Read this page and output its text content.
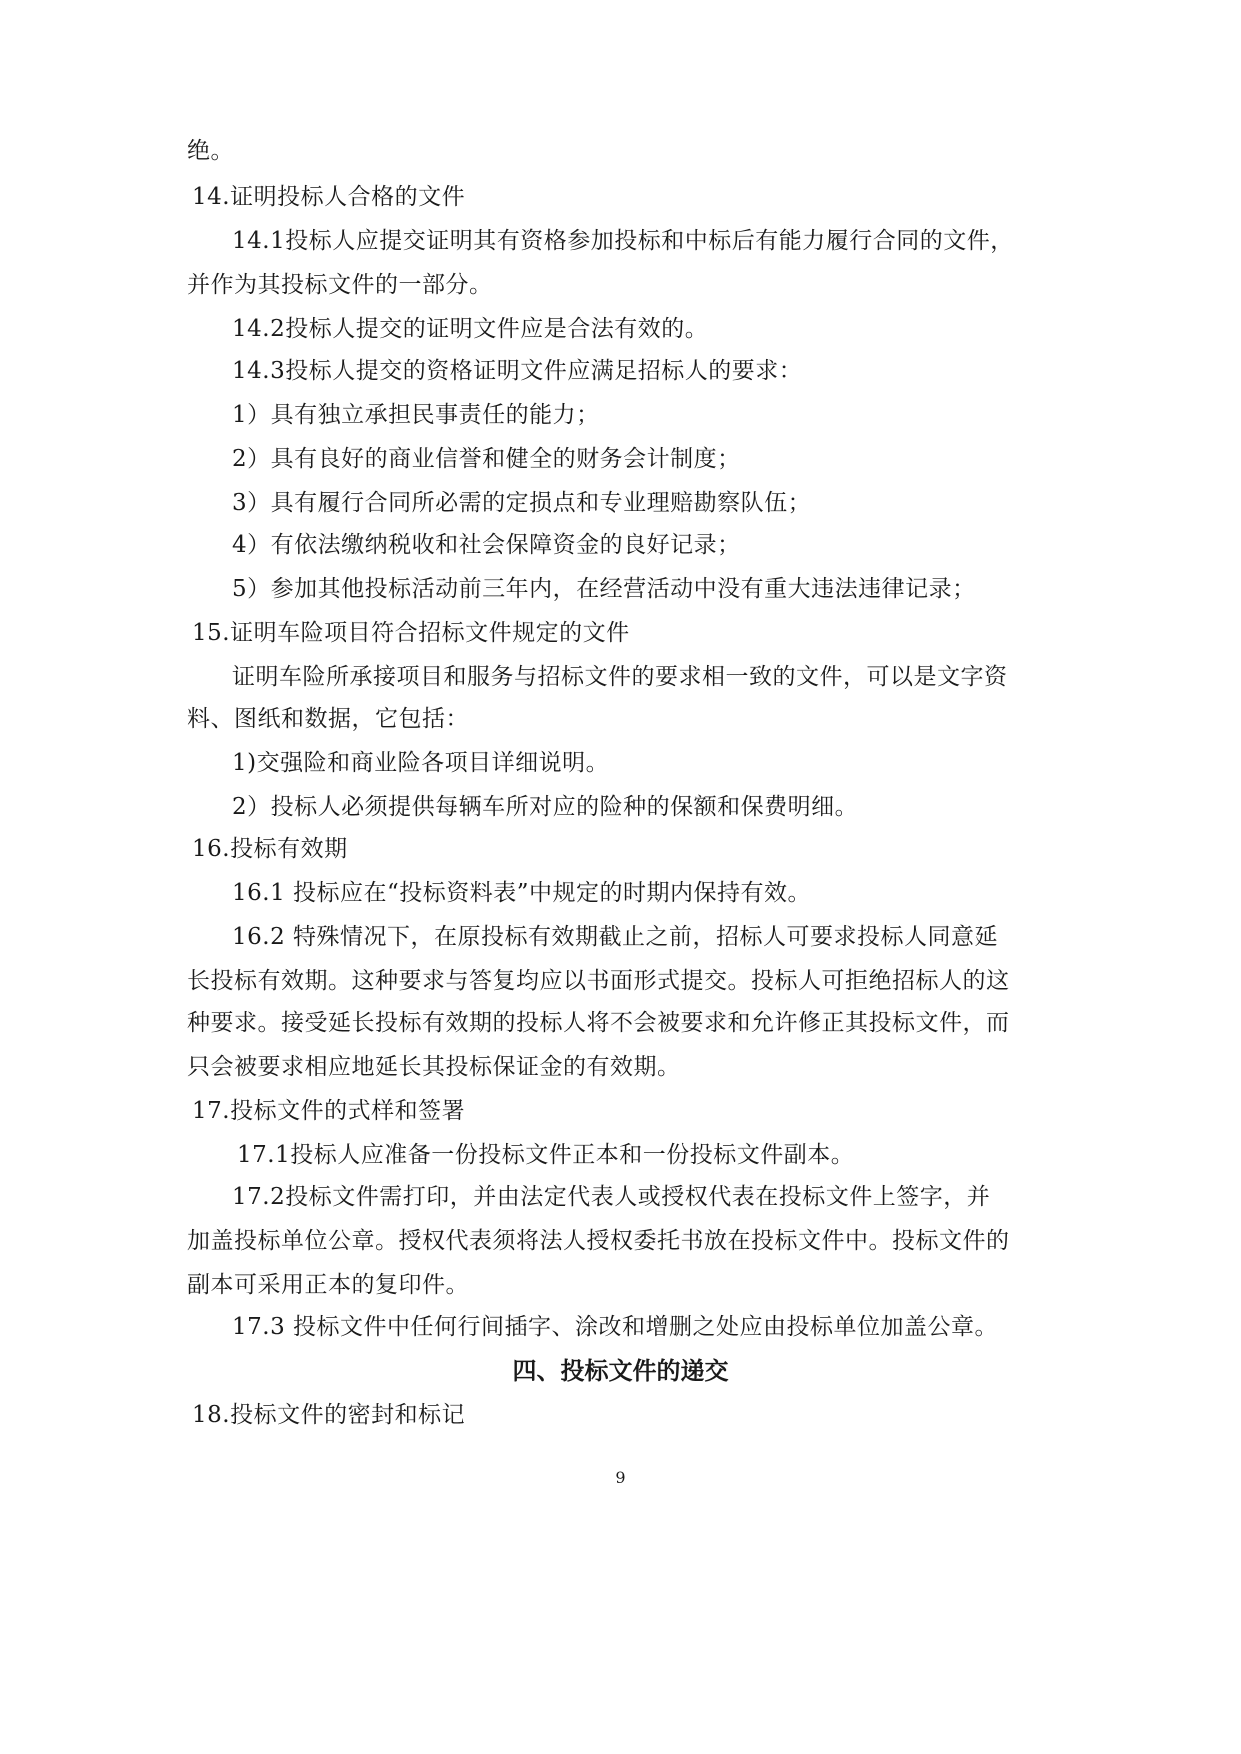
绝。
14.证明投标人合格的文件
14.1投标人应提交证明其有资格参加投标和中标后有能力履行合同的文件，
并作为其投标文件的一部分。
14.2投标人提交的证明文件应是合法有效的。
14.3投标人提交的资格证明文件应满足招标人的要求：
1）具有独立承担民事责任的能力；
2）具有良好的商业信誉和健全的财务会计制度；
3）具有履行合同所必需的定损点和专业理赔勘察队伍；
4）有依法缴纳税收和社会保障资金的良好记录；
5）参加其他投标活动前三年内，在经营活动中没有重大违法违律记录；
15.证明车险项目符合招标文件规定的文件
证明车险所承接项目和服务与招标文件的要求相一致的文件，可以是文字资
料、图纸和数据，它包括：
1)交强险和商业险各项目详细说明。
2）投标人必须提供每辆车所对应的险种的保额和保费明细。
16.投标有效期
16.1 投标应在“投标资料表”中规定的时期内保持有效。
16.2 特殊情况下，在原投标有效期截止之前，招标人可要求投标人同意延
长投标有效期。这种要求与答复均应以书面形式提交。投标人可拒绝招标人的这
种要求。接受延长投标有效期的投标人将不会被要求和允许修正其投标文件，而
只会被要求相应地延长其投标保证金的有效期。
17.投标文件的式样和签署
17.1投标人应准备一份投标文件正本和一份投标文件副本。
17.2投标文件需打印，并由法定代表人或授权代表在投标文件上签字，并
加盖投标单位公章。授权代表须将法人授权委托书放在投标文件中。投标文件的
副本可采用正本的复印件。
17.3 投标文件中任何行间插字、涂改和增删之处应由投标单位加盖公章。
四、投标文件的递交
18.投标文件的密封和标记
9
